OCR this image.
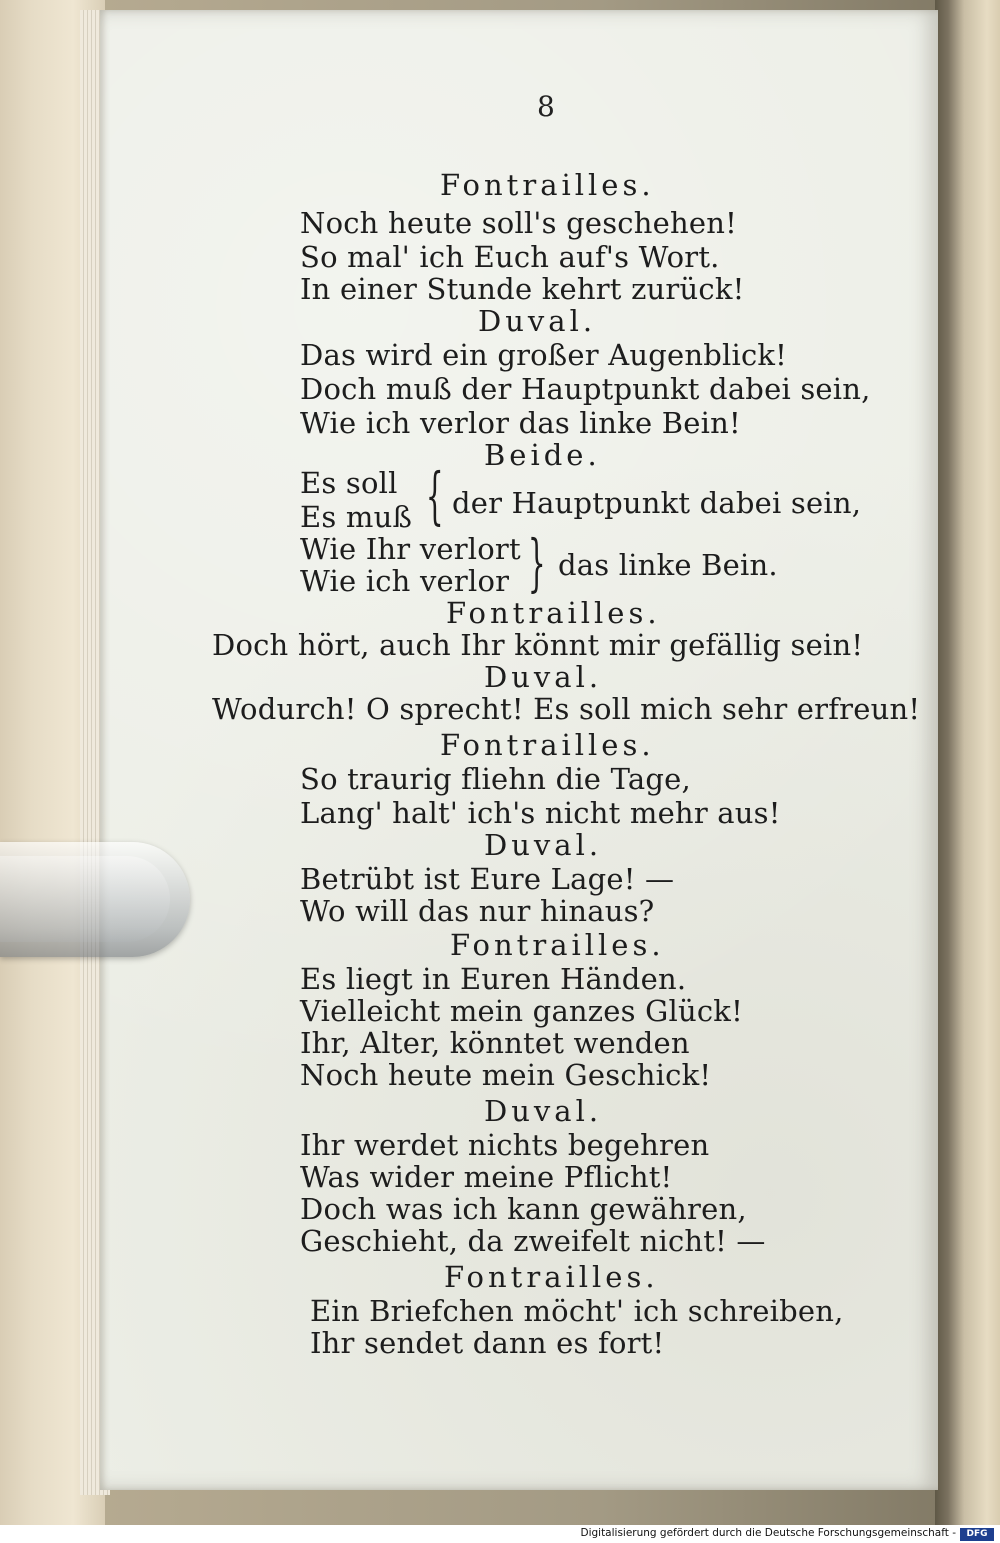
8
Fontrailles.
Noch heute soll's geschehen!
So mal' ich Euch auf's Wort.
In einer Stunde kehrt zurück!
Duval.
Das wird ein großer Augenblick!
Doch muß der Hauptpunkt dabei sein,
Wie ich verlor das linke Bein!
Beide.
Es soll
Es muß { der Hauptpunkt dabei sein,
Wie Ihr verlort
Wie ich verlor } das linke Bein.
Fontrailles.
Doch hört, auch Ihr könnt mir gefällig sein!
Duval.
Wodurch! O sprecht! Es soll mich sehr erfreun!
Fontrailles.
So traurig fliehn die Tage,
Lang' halt' ich's nicht mehr aus!
Duval.
Betrübt ist Eure Lage! —
Wo will das nur hinaus?
Fontrailles.
Es liegt in Euren Händen.
Vielleicht mein ganzes Glück!
Ihr, Alter, könntet wenden
Noch heute mein Geschick!
Duval.
Ihr werdet nichts begehren
Was wider meine Pflicht!
Doch was ich kann gewähren,
Geschieht, da zweifelt nicht! —
Fontrailles.
Ein Briefchen möcht' ich schreiben,
Ihr sendet dann es fort!
Digitalisierung gefördert durch die Deutsche Forschungsgemeinschaft -	DFG
